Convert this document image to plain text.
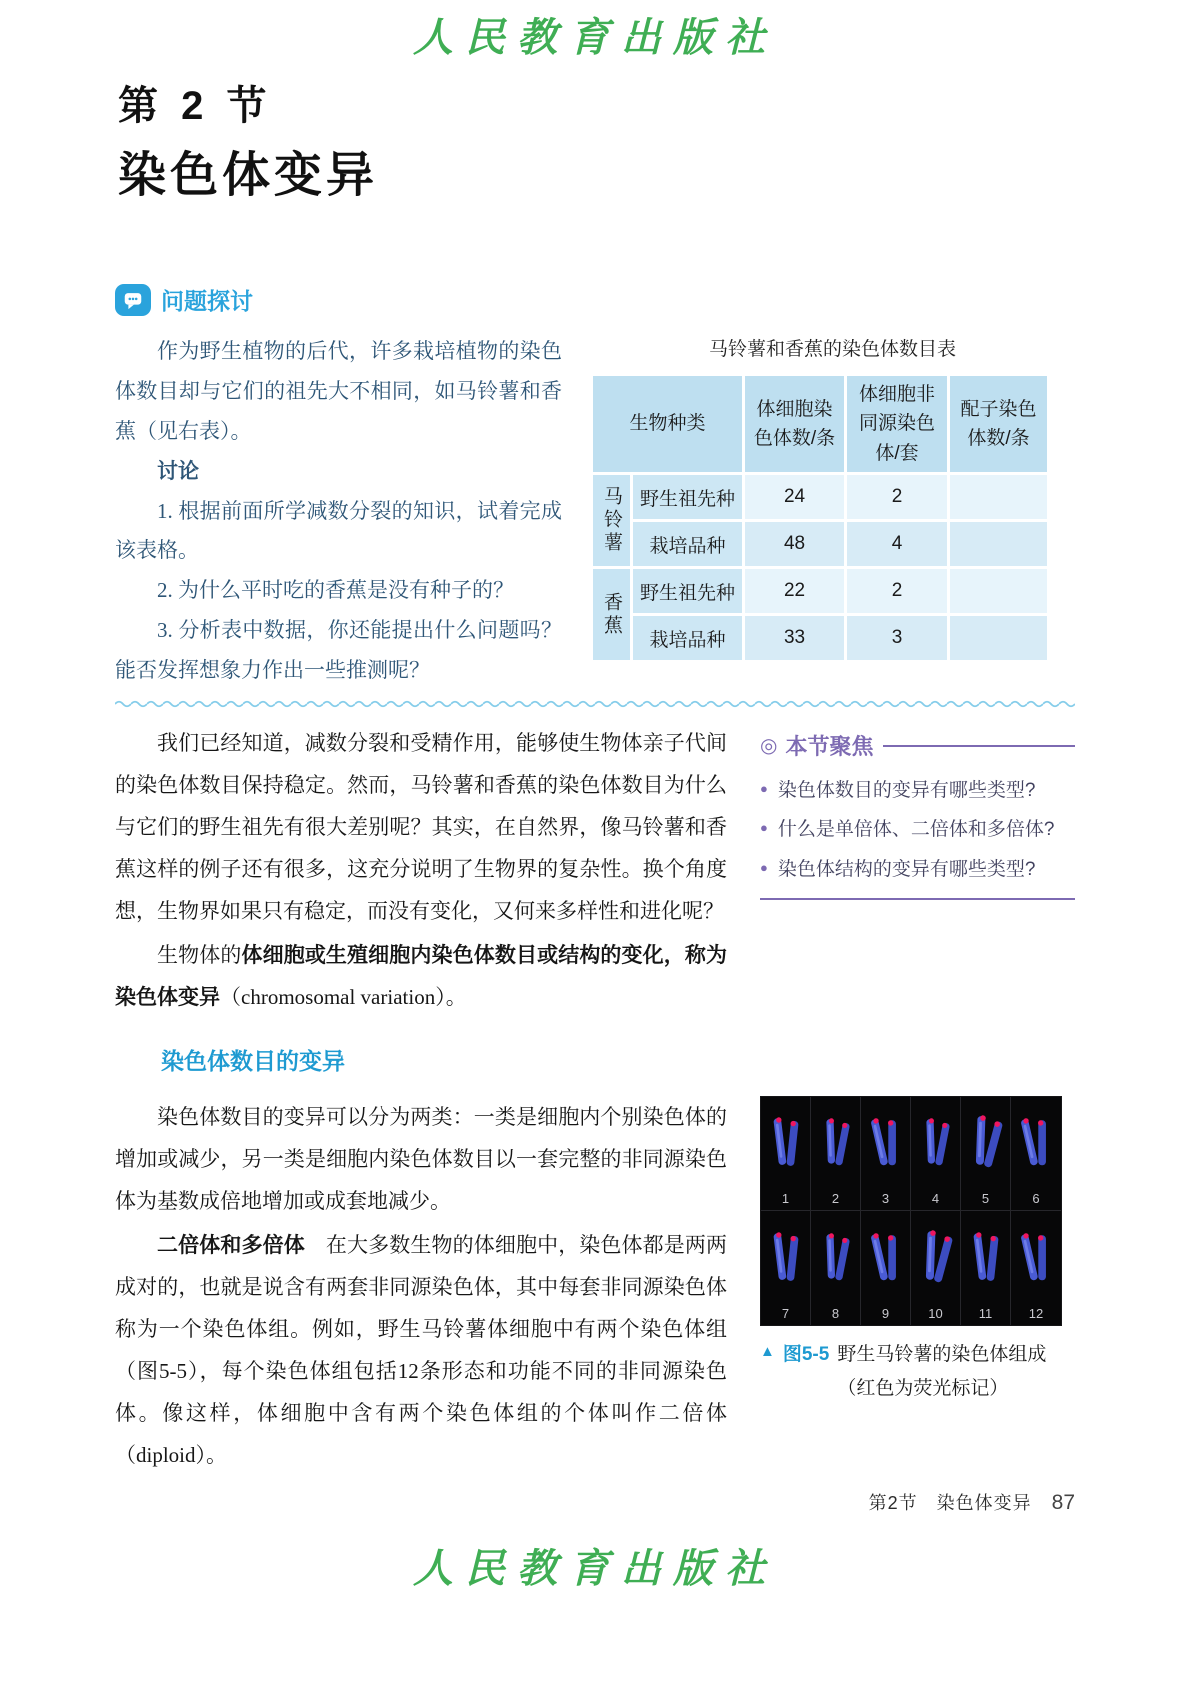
人民教育出版社
第 2 节
染色体变异
问题探讨

作为野生植物的后代，许多栽培植物的染色体数目却与它们的祖先大不相同，如马铃薯和香蕉（见右表）。

讨论

1. 根据前面所学减数分裂的知识，试着完成该表格。

2. 为什么平时吃的香蕉是没有种子的？

3. 分析表中数据，你还能提出什么问题吗？能否发挥想象力作出一些推测呢？

马铃薯和香蕉的染色体数目表
生物种类		体细胞染色体数/条	体细胞非同源染色体/套	配子染色体数/条
马铃薯	野生祖先种	24	2	
	栽培品种	48	4	
香蕉	野生祖先种	22	2	
	栽培品种	33	3	

我们已经知道，减数分裂和受精作用，能够使生物体亲子代间的染色体数目保持稳定。然而，马铃薯和香蕉的染色体数目为什么与它们的野生祖先有很大差别呢？其实，在自然界，像马铃薯和香蕉这样的例子还有很多，这充分说明了生物界的复杂性。换个角度想，生物界如果只有稳定，而没有变化，又何来多样性和进化呢？

生物体的体细胞或生殖细胞内染色体数目或结构的变化，称为染色体变异（chromosomal variation）。

染色体数目的变异

染色体数目的变异可以分为两类：一类是细胞内个别染色体的增加或减少，另一类是细胞内染色体数目以一套完整的非同源染色体为基数成倍地增加或成套地减少。

二倍体和多倍体　在大多数生物的体细胞中，染色体都是两两成对的，也就是说含有两套非同源染色体，其中每套非同源染色体称为一个染色体组。例如，野生马铃薯体细胞中有两个染色体组（图5-5），每个染色体组包括12条形态和功能不同的非同源染色体。像这样，体细胞中含有两个染色体组的个体叫作二倍体（diploid）。

◎ 本节聚焦
● 染色体数目的变异有哪些类型?
● 什么是单倍体、二倍体和多倍体?
● 染色体结构的变异有哪些类型?
1	2	3	4	5	6
7	8	9	10	11	12
▲ 图5-5 野生马铃薯的染色体组成
（红色为荧光标记）
第2节　染色体变异 87
人民教育出版社
